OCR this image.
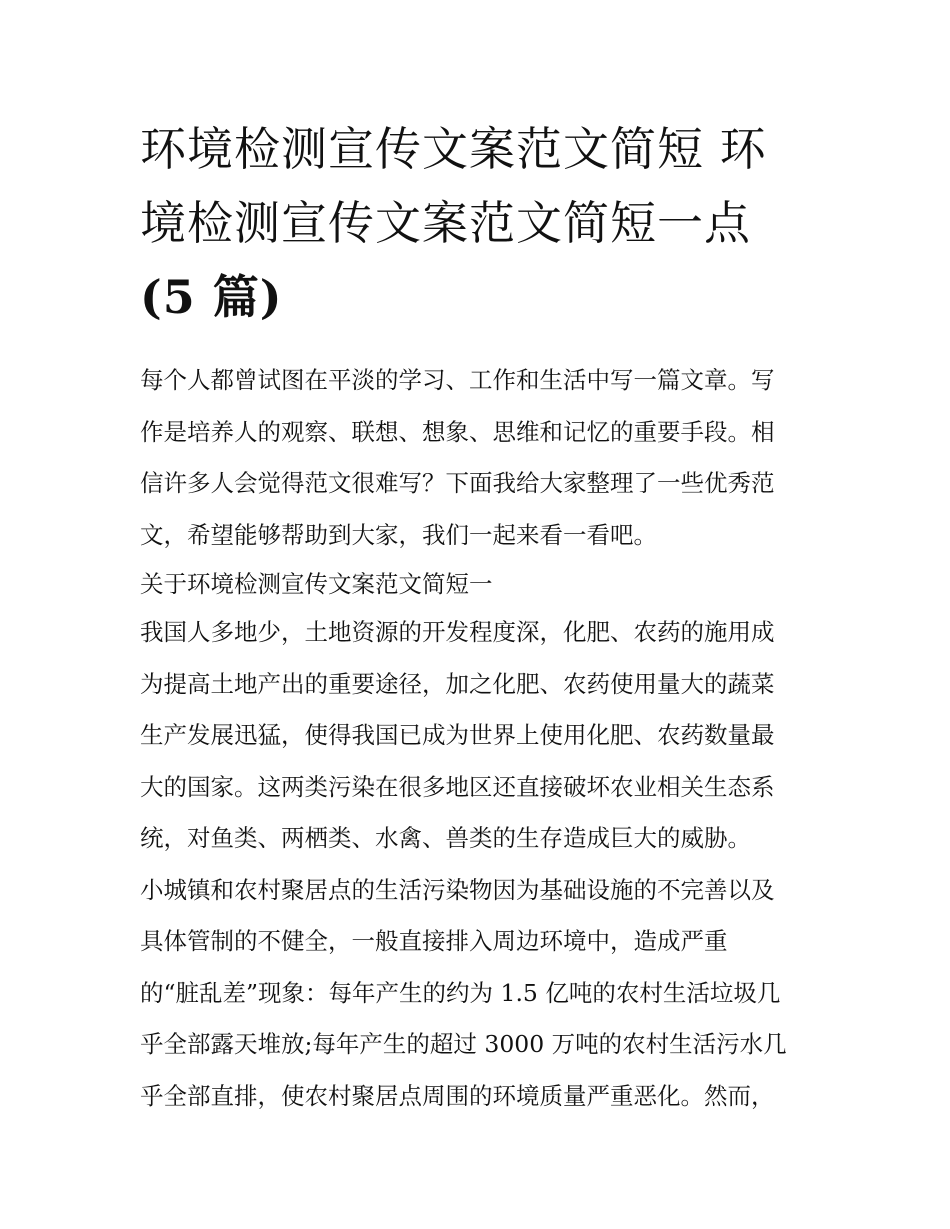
环境检测宣传文案范文简短 环
境检测宣传文案范文简短一点
(5 篇)
每个人都曾试图在平淡的学习、工作和生活中写一篇文章。写
作是培养人的观察、联想、想象、思维和记忆的重要手段。相
信许多人会觉得范文很难写？下面我给大家整理了一些优秀范
文，希望能够帮助到大家，我们一起来看一看吧。
关于环境检测宣传文案范文简短一
我国人多地少，土地资源的开发程度深，化肥、农药的施用成
为提高土地产出的重要途径，加之化肥、农药使用量大的蔬菜
生产发展迅猛，使得我国已成为世界上使用化肥、农药数量最
大的国家。这两类污染在很多地区还直接破坏农业相关生态系
统，对鱼类、两栖类、水禽、兽类的生存造成巨大的威胁。
小城镇和农村聚居点的生活污染物因为基础设施的不完善以及
具体管制的不健全，一般直接排入周边环境中，造成严重
的“脏乱差”现象：每年产生的约为 1.5 亿吨的农村生活垃圾几
乎全部露天堆放;每年产生的超过 3000 万吨的农村生活污水几
乎全部直排，使农村聚居点周围的环境质量严重恶化。然而，
